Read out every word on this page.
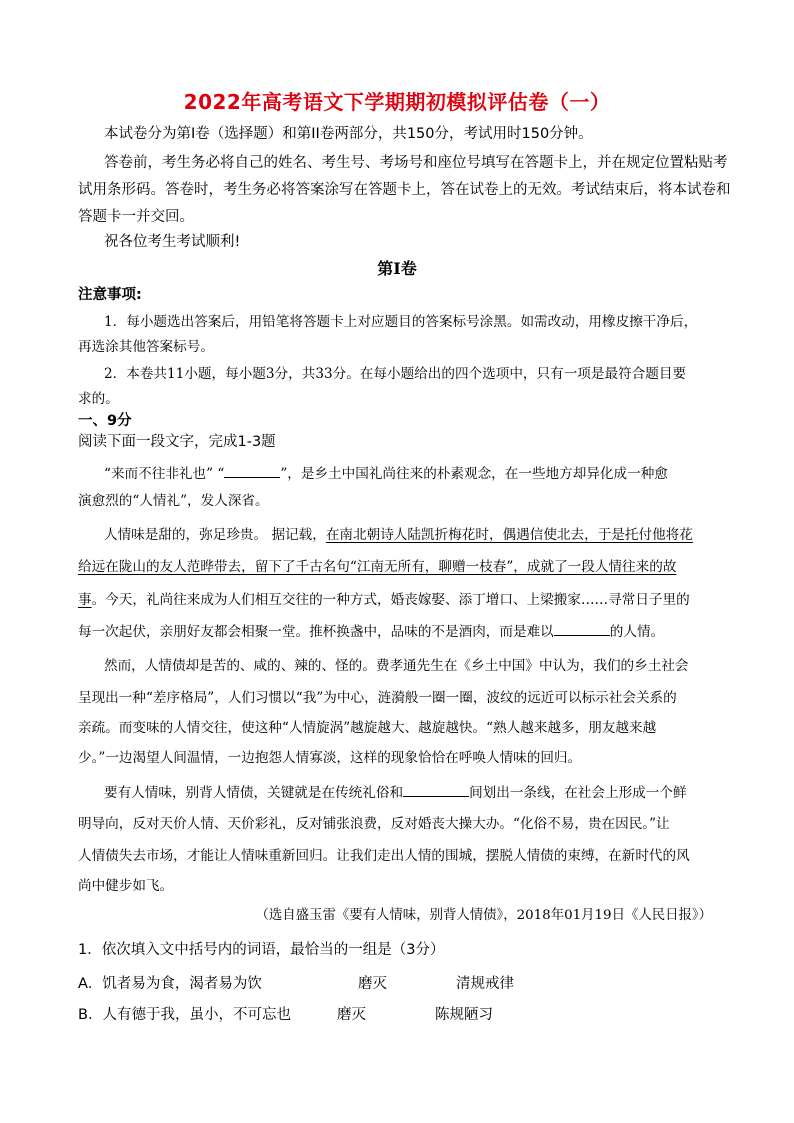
2022年高考语文下学期期初模拟评估卷（一）
本试卷分为第I卷（选择题）和第II卷两部分，共150分，考试用时150分钟。
答卷前，考生务必将自己的姓名、考生号、考场号和座位号填写在答题卡上，并在规定位置粘贴考
试用条形码。答卷时，考生务必将答案涂写在答题卡上，答在试卷上的无效。考试结束后，将本试卷和
答题卡一并交回。
祝各位考生考试顺利!
第I卷
注意事项:
1．每小题选出答案后，用铅笔将答题卡上对应题目的答案标号涂黑。如需改动，用橡皮擦干净后，
再选涂其他答案标号。
2．本卷共11小题，每小题3分，共33分。在每小题给出的四个选项中，只有一项是最符合题目要
求的。
一、9分
阅读下面一段文字，完成1-3题
“来而不往非礼也” “	”，是乡土中国礼尚往来的朴素观念，在一些地方却异化成一种愈
演愈烈的“人情礼”，发人深省。
人情味是甜的，弥足珍贵。 据记载，在南北朝诗人陆凯折梅花时，偶遇信使北去，于是托付他将花
给远在陇山的友人范晔带去，留下了千古名句“江南无所有，聊赠一枝春”，成就了一段人情往来的故
事。今天，礼尚往来成为人们相互交往的一种方式，婚丧嫁娶、添丁增口、上梁搬家……寻常日子里的
每一次起伏，亲朋好友都会相聚一堂。推杯换盏中，品味的不是酒肉，而是难以	的人情。
然而，人情债却是苦的、咸的、辣的、怪的。费孝通先生在《乡土中国》中认为，我们的乡土社会
呈现出一种“差序格局”，人们习惯以“我”为中心，涟漪般一圈一圈，波纹的远近可以标示社会关系的
亲疏。而变味的人情交往，使这种“人情旋涡”越旋越大、越旋越快。“熟人越来越多，朋友越来越
少。”一边渴望人间温情，一边抱怨人情寡淡，这样的现象恰恰在呼唤人情味的回归。
要有人情味，别背人情债，关键就是在传统礼俗和	间划出一条线，在社会上形成一个鲜
明导向，反对天价人情、天价彩礼，反对铺张浪费，反对婚丧大操大办。“化俗不易，贵在因民。”让
人情债失去市场，才能让人情味重新回归。让我们走出人情的围城，摆脱人情债的束缚，在新时代的风
尚中健步如飞。
（选自盛玉雷《要有人情味，别背人情债》，2018年01月19日《人民日报》）
1．依次填入文中括号内的词语，最恰当的一组是（3分）
A．饥者易为食，渴者易为饮	磨灭	清规戒律
B．人有德于我，虽小，不可忘也	磨灭	陈规陋习
